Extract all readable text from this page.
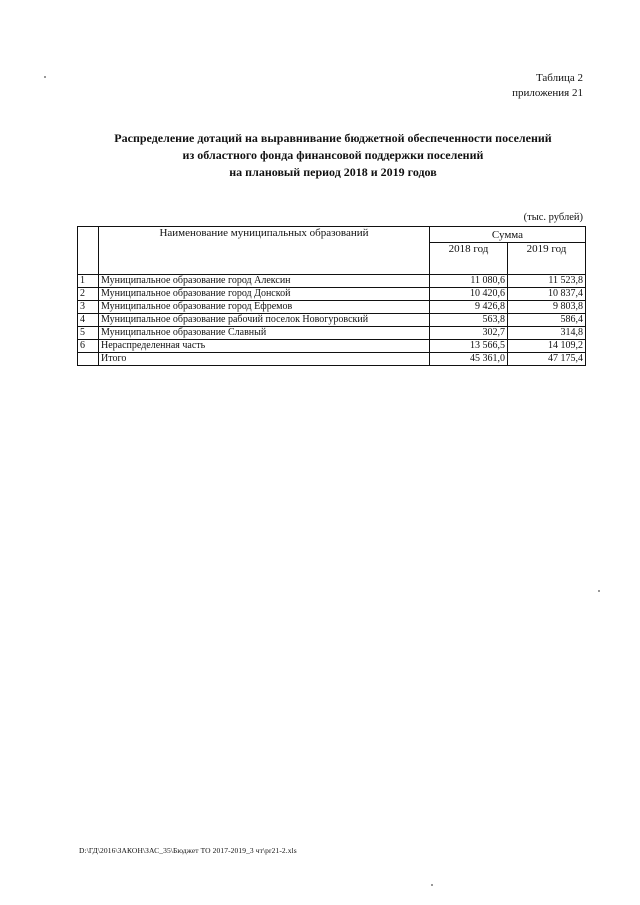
Таблица 2
приложения 21
Распределение дотаций на выравнивание бюджетной обеспеченности поселений
из областного фонда финансовой поддержки поселений
на плановый период 2018 и 2019 годов
(тыс. рублей)
	Наименование муниципальных образований	Сумма	
		2018 год	2019 год
1	Муниципальное образование город Алексин	11 080,6	11 523,8
2	Муниципальное образование город Донской	10 420,6	10 837,4
3	Муниципальное образование город Ефремов	9 426,8	9 803,8
4	Муниципальное образование рабочий поселок Новогуровский	563,8	586,4
5	Муниципальное образование Славный	302,7	314,8
6	Нераспределенная часть	13 566,5	14 109,2
	Итого	45 361,0	47 175,4
D:\ГД\2016\ЗАКОН\ЗАС_35\Бюджет ТО 2017-2019_3 чт\pr21-2.xls
